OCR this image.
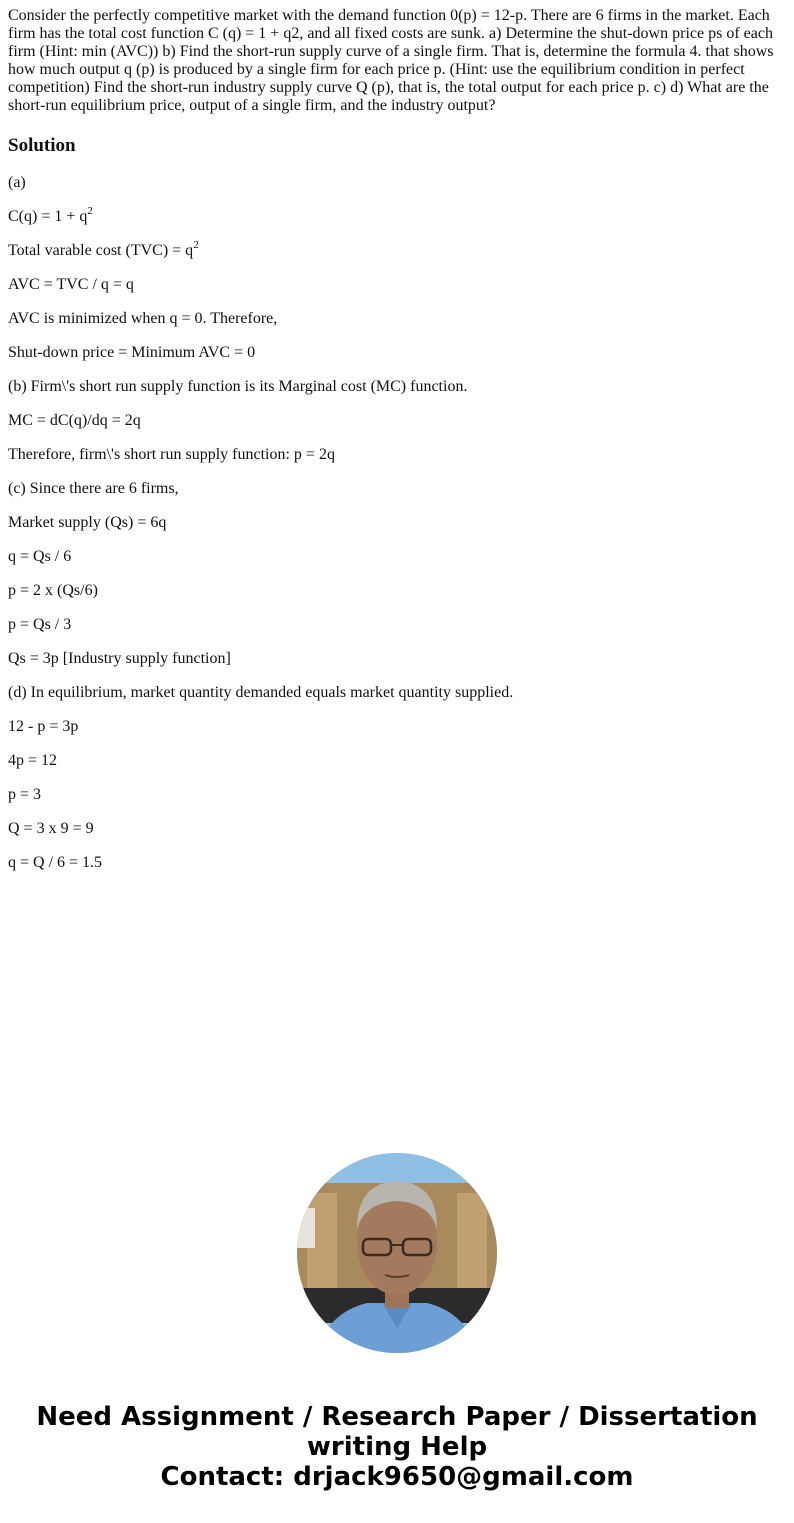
Consider the perfectly competitive market with the demand function 0(p) = 12-p. There are 6 firms in the market. Each firm has the total cost function C (q) = 1 + q2, and all fixed costs are sunk. a) Determine the shut-down price ps of each firm (Hint: min (AVC)) b) Find the short-run supply curve of a single firm. That is, determine the formula 4. that shows how much output q (p) is produced by a single firm for each price p. (Hint: use the equilibrium condition in perfect competition) Find the short-run industry supply curve Q (p), that is, the total output for each price p. c) d) What are the short-run equilibrium price, output of a single firm, and the industry output?

Solution

(a)

$C(q) = 1 + q^2$

Total varable cost $(TVC) = q^2$

AVC = TVC / q = q

AVC is minimized when q = 0. Therefore,

Shut-down price = Minimum AVC = 0

(b) Firm\'s short run supply function is its Marginal cost (MC) function.

MC = dC(q)/dq = 2q

Therefore, firm\'s short run supply function: p = 2q

(c) Since there are 6 firms,

Market supply (Qs) = 6q

q = Qs / 6

p = 2 x (Qs/6)

p = Qs / 3

Qs = 3p [Industry supply function]

(d) In equilibrium, market quantity demanded equals market quantity supplied.

12 - p = 3p

4p = 12

p = 3

Q = 3 x 9 = 9

q = Q / 6 = 1.5

Need Assignment / Research Paper / Dissertation
writing Help
Contact: drjack9650@gmail.com
